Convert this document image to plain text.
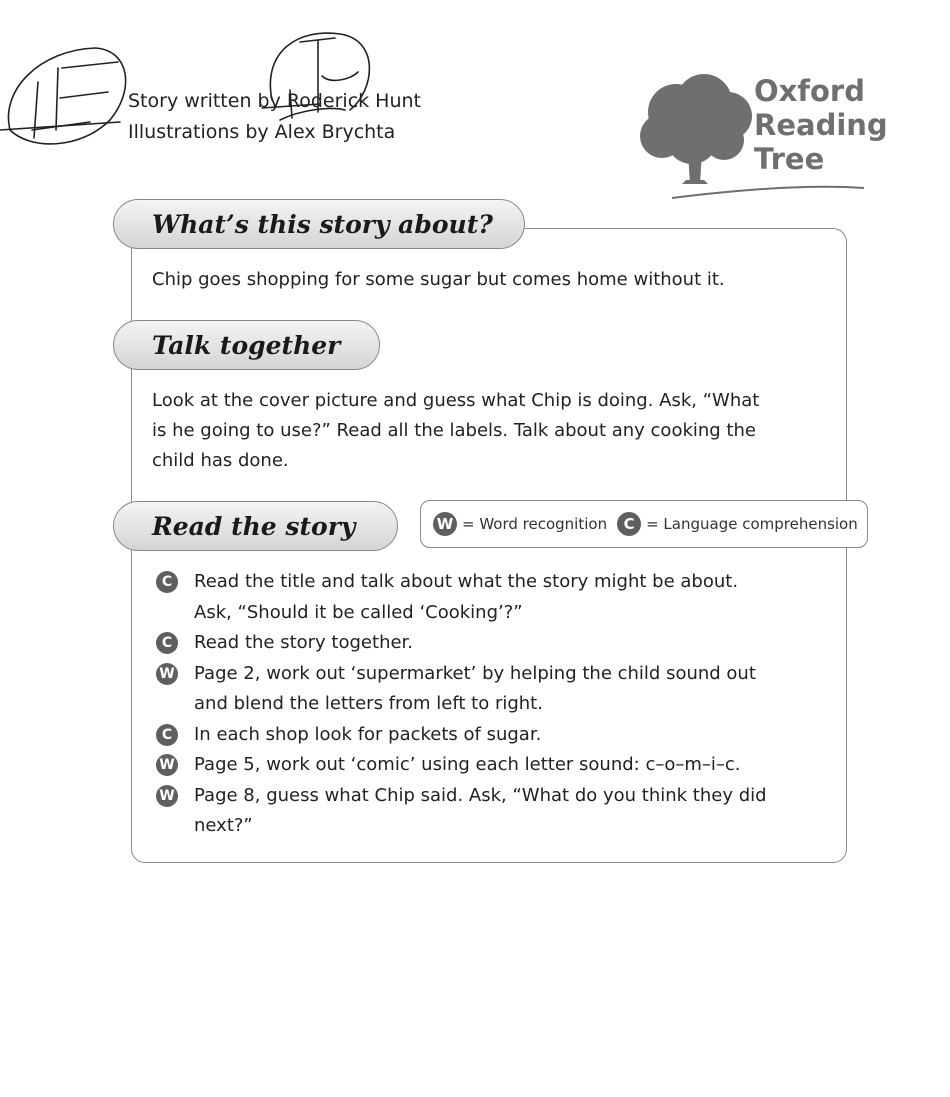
Story written by Roderick Hunt
Illustrations by Alex Brychta
Oxford
Reading
Tree
What’s this story about?
Chip goes shopping for some sugar but comes home without it.
Talk together
Look at the cover picture and guess what Chip is doing. Ask, “What
is he going to use?” Read all the labels. Talk about any cooking the
child has done.
Read the story	W = Word recognition	C = Language comprehension
C	Read the title and talk about what the story might be about.
Ask, “Should it be called ‘Cooking’?”
C	Read the story together.
W Page 2, work out ‘supermarket’ by helping the child sound out
and blend the letters from left to right.
C	In each shop look for packets of sugar.
W Page 5, work out ‘comic’ using each letter sound: c–o–m–i–c.
W Page 8, guess what Chip said. Ask, “What do you think they did
next?”
